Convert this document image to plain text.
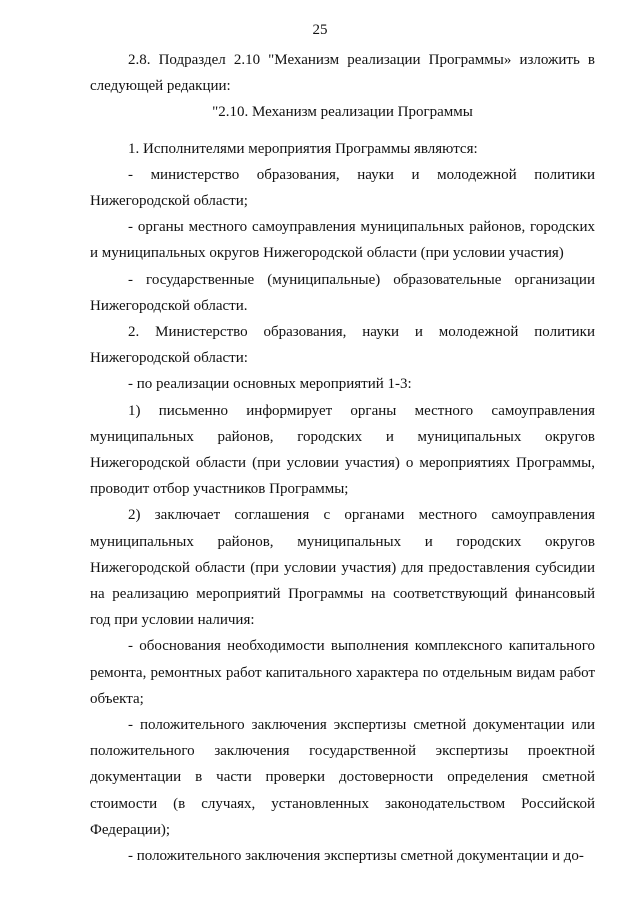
25

2.8. Подраздел 2.10 "Механизм реализации Программы» изложить в следующей редакции:

"2.10. Механизм реализации Программы

1. Исполнителями мероприятия Программы являются:

- министерство образования, науки и молодежной политики Нижегородской области;

- органы местного самоуправления муниципальных районов, городских и муниципальных округов Нижегородской области (при условии участия)

- государственные (муниципальные) образовательные организации Нижегородской области.

2. Министерство образования, науки и молодежной политики Нижегородской области:

- по реализации основных мероприятий 1-3:

1) письменно информирует органы местного самоуправления муниципальных районов, городских и муниципальных округов Нижегородской области (при условии участия) о мероприятиях Программы, проводит отбор участников Программы;

2) заключает соглашения с органами местного самоуправления муниципальных районов, муниципальных и городских округов Нижегородской области (при условии участия) для предоставления субсидии на реализацию мероприятий Программы на соответствующий финансовый год при условии наличия:

- обоснования необходимости выполнения комплексного капитального ремонта, ремонтных работ капитального характера по отдельным видам работ объекта;

- положительного заключения экспертизы сметной документации или положительного заключения государственной экспертизы проектной документации в части проверки достоверности определения сметной стоимости (в случаях, установленных законодательством Российской Федерации);

- положительного заключения экспертизы сметной документации и до-
